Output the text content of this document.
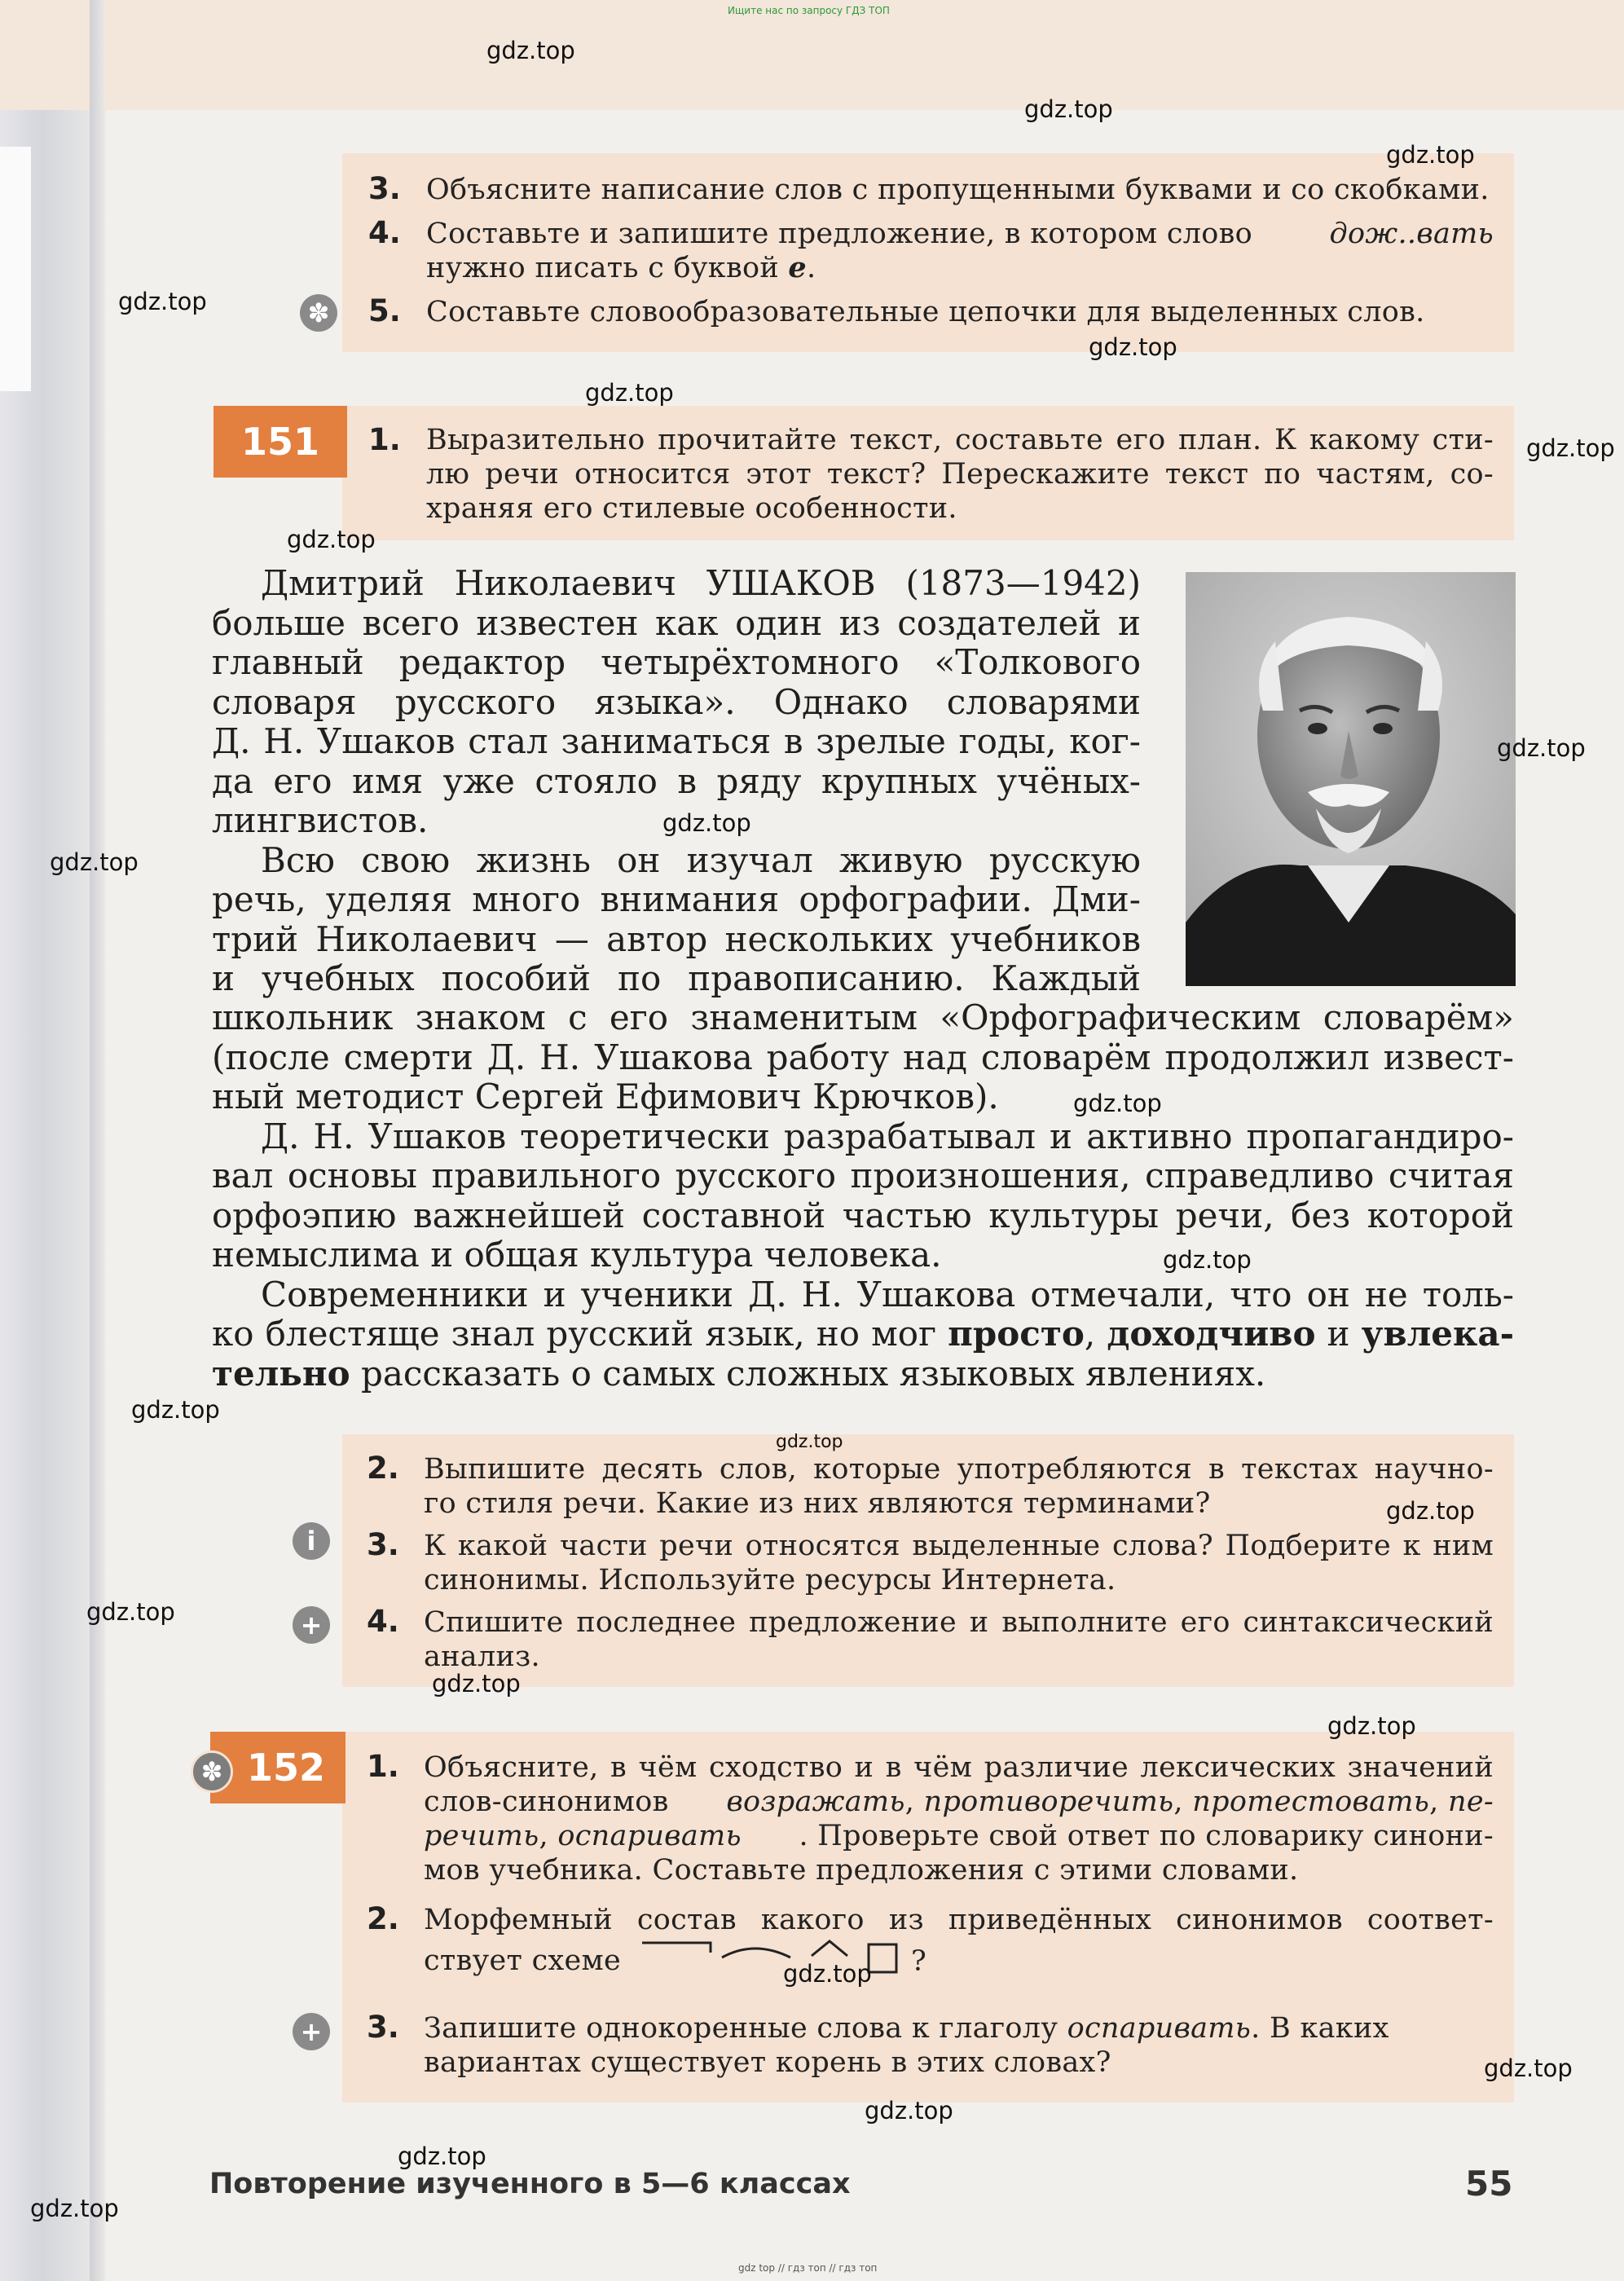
Ищите нас по запросу ГДЗ ТОП
3. Объясните написание слов с пропущенными буквами и со скобками.
4. Составьте и запишите предложение, в котором слово дож..вать
нужно писать с буквой е.
✽ 5. Составьте словообразовательные цепочки для выделенных слов.
151	1. Выразительно прочитайте текст, составьте его план. К какому сти-
лю речи относится этот текст? Перескажите текст по частям, со-
храняя его стилевые особенности.

Дмитрий Николаевич УШАКОВ (1873—1942)

больше всего известен как один из создателей и

главный редактор четырёхтомного «Толкового

словаря русского языка». Однако словарями

Д. Н. Ушаков стал заниматься в зрелые годы, ког-

да его имя уже стояло в ряду крупных учёных-

лингвистов.

Всю свою жизнь он изучал живую русскую

речь, уделяя много внимания орфографии. Дми-

трий Николаевич — автор нескольких учебников

и учебных пособий по правописанию. Каждый

школьник знаком с его знаменитым «Орфографическим словарём»

(после смерти Д. Н. Ушакова работу над словарём продолжил извест-

ный методист Сергей Ефимович Крючков).

Д. Н. Ушаков теоретически разрабатывал и активно пропагандиро-

вал основы правильного русского произношения, справедливо считая

орфоэпию важнейшей составной частью культуры речи, без которой

немыслима и общая культура человека.

Современники и ученики Д. Н. Ушакова отмечали, что он не толь-

ко блестяще знал русский язык, но мог просто, доходчиво и увлека-

тельно рассказать о самых сложных языковых явлениях.

2. Выпишите десять слов, которые употребляются в текстах научно-
го стиля речи. Какие из них являются терминами?
i	3. К какой части речи относятся выделенные слова? Подберите к ним
синонимы. Используйте ресурсы Интернета.
+ 4. Спишите последнее предложение и выполните его синтаксический
анализ.
152
✽	1. Объясните, в чём сходство и в чём различие лексических значений
слов-синонимов возражать, противоречить, протестовать, пе-
речить, оспаривать . Проверьте свой ответ по словарику синони-
мов учебника. Составьте предложения с этими словами.
2. Морфемный состав какого из приведённых синонимов соответ-
ствует схеме	?
+ 3. Запишите однокоренные слова к глаголу оспаривать. В каких
вариантах существует корень в этих словах?
Повторение изученного в 5—6 классах	55
gdz top // гдз топ // гдз топ
gdz.top
gdz.top
gdz.top
gdz.top
gdz.top
gdz.top
gdz.top
gdz.top
gdz.top
gdz.top
gdz.top
gdz.top
gdz.top
gdz.top
gdz.top
gdz.top
gdz.top
gdz.top
gdz.top
gdz.top
gdz.top
gdz.top
gdz.top
gdz.top
